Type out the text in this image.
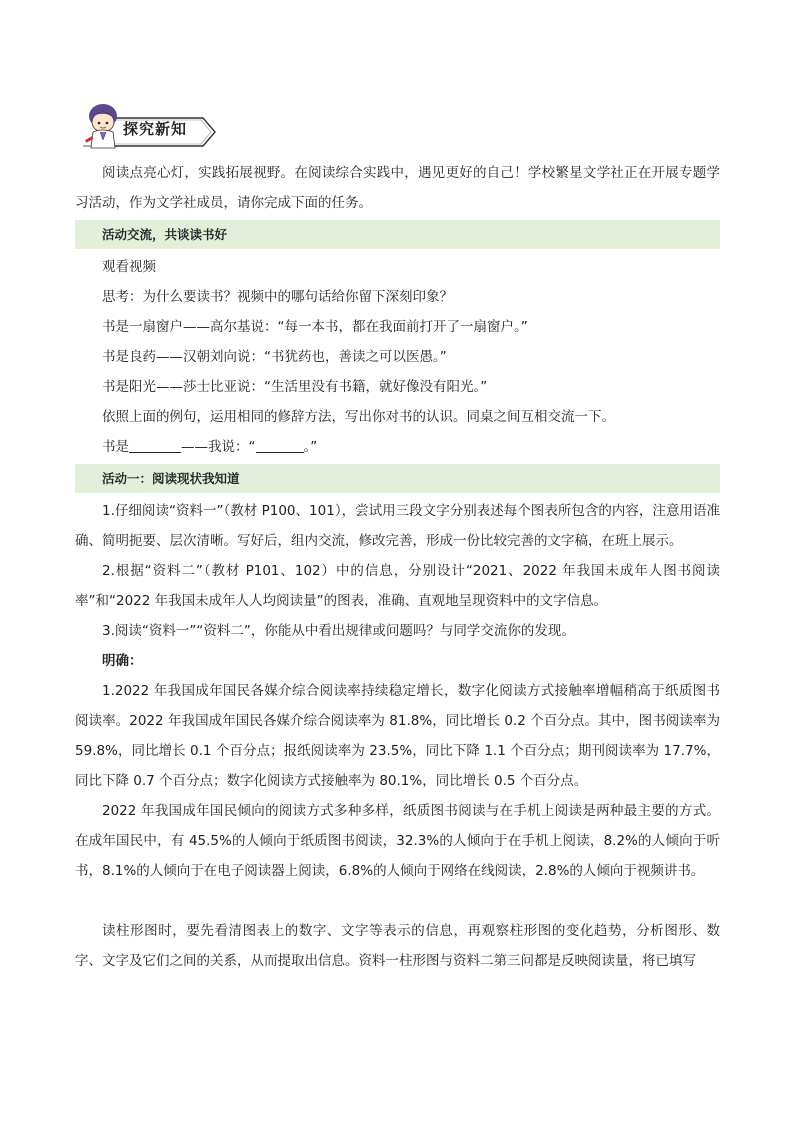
探究新知

阅读点亮心灯，实践拓展视野。在阅读综合实践中，遇见更好的自己！学校繁星文学社正在开展专题学习活动，作为文学社成员，请你完成下面的任务。

活动交流，共谈读书好

观看视频

思考：为什么要读书？视频中的哪句话给你留下深刻印象？

书是一扇窗户——高尔基说：“每一本书，都在我面前打开了一扇窗户。”

书是良药——汉朝刘向说：“书犹药也，善读之可以医愚。”

书是阳光——莎士比亚说：“生活里没有书籍，就好像没有阳光。”

依照上面的例句，运用相同的修辞方法，写出你对书的认识。同桌之间互相交流一下。

书是	——我说：“	。”

活动一：阅读现状我知道

1.仔细阅读“资料一”（教材 P100、101），尝试用三段文字分别表述每个图表所包含的内容，注意用语准确、简明扼要、层次清晰。写好后，组内交流，修改完善，形成一份比较完善的文字稿，在班上展示。

2.根据“资料二”（教材 P101、102）中的信息，分别设计“2021、2022 年我国未成年人图书阅读率”和“2022 年我国未成年人人均阅读量”的图表，准确、直观地呈现资料中的文字信息。

3.阅读“资料一”“资料二”，你能从中看出规律或问题吗？与同学交流你的发现。

明确：

1.2022 年我国成年国民各媒介综合阅读率持续稳定增长，数字化阅读方式接触率增幅稍高于纸质图书阅读率。2022 年我国成年国民各媒介综合阅读率为 81.8%，同比增长 0.2 个百分点。其中，图书阅读率为 59.8%，同比增长 0.1 个百分点；报纸阅读率为 23.5%，同比下降 1.1 个百分点；期刊阅读率为 17.7%，同比下降 0.7 个百分点；数字化阅读方式接触率为 80.1%，同比增长 0.5 个百分点。

2022 年我国成年国民倾向的阅读方式多种多样，纸质图书阅读与在手机上阅读是两种最主要的方式。在成年国民中，有 45.5%的人倾向于纸质图书阅读，32.3%的人倾向于在手机上阅读，8.2%的人倾向于听书，8.1%的人倾向于在电子阅读器上阅读，6.8%的人倾向于网络在线阅读，2.8%的人倾向于视频讲书。

读柱形图时，要先看清图表上的数字、文字等表示的信息，再观察柱形图的变化趋势，分析图形、数字、文字及它们之间的关系，从而提取出信息。资料一柱形图与资料二第三问都是反映阅读量，将已填写
